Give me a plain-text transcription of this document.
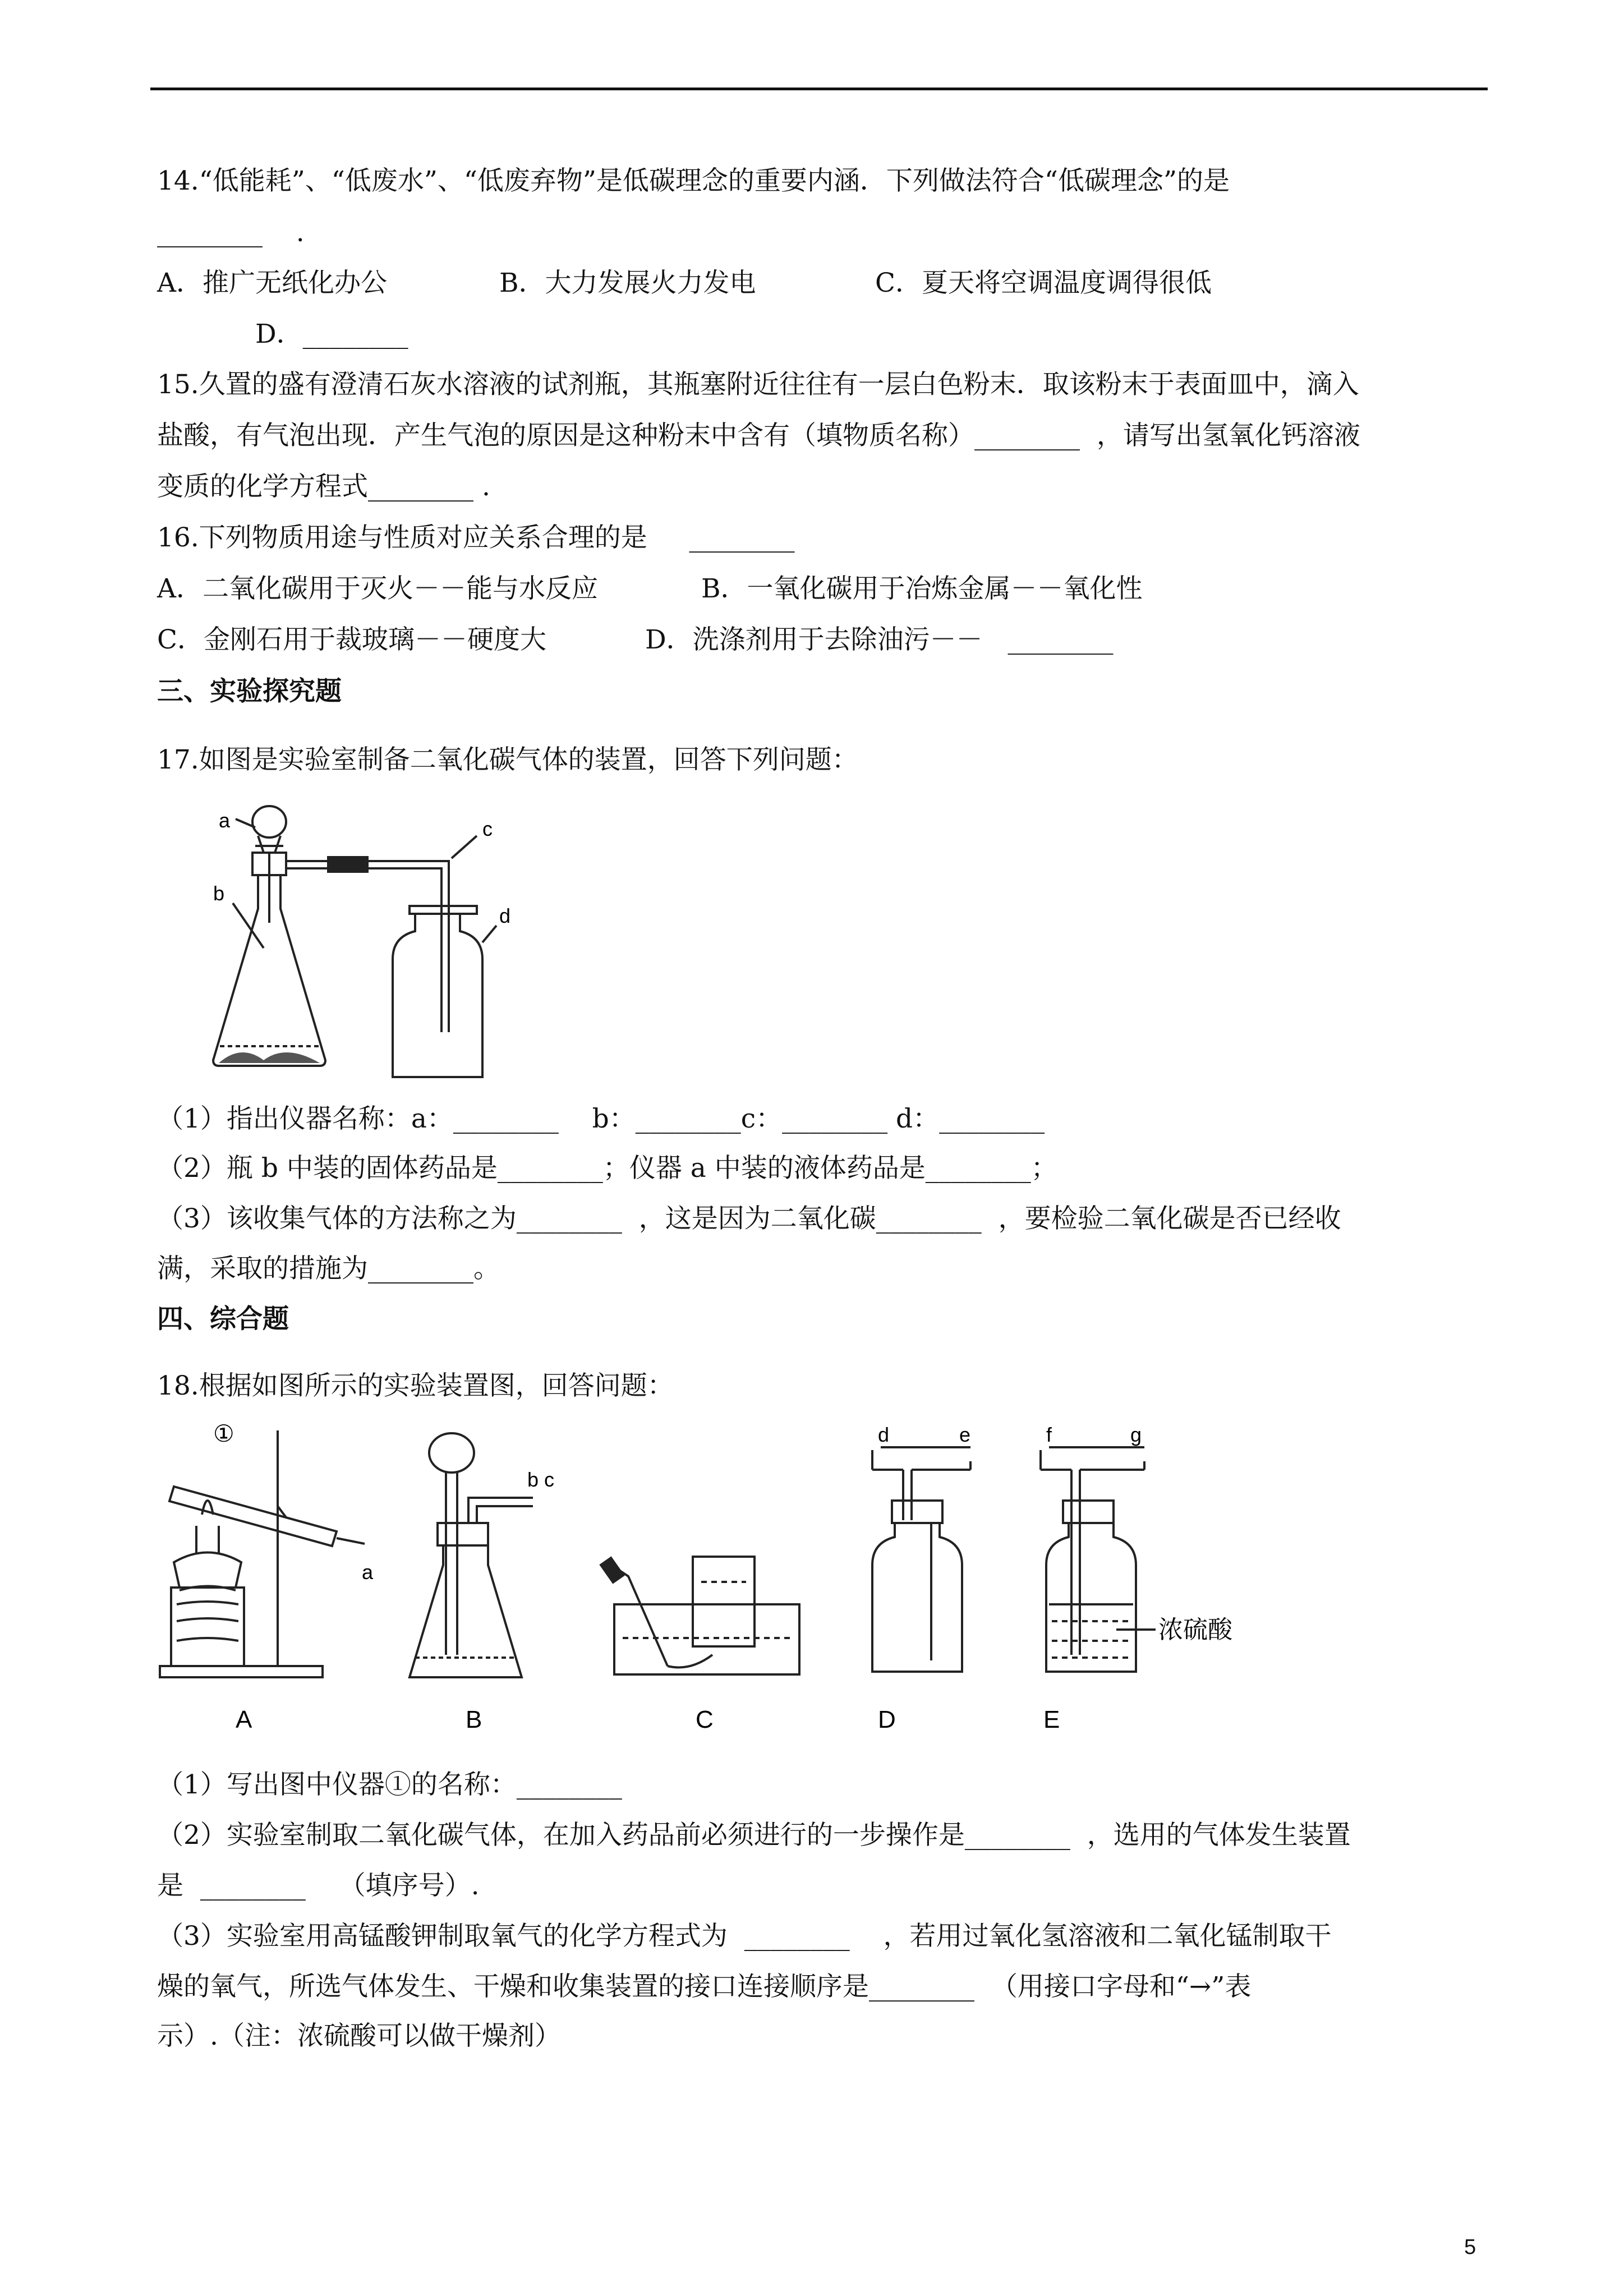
14.“低能耗”、“低废水”、“低废弃物”是低碳理念的重要内涵．下列做法符合“低碳理念”的是
________    .
A．推广无纸化办公	B．大力发展火力发电	C．夏天将空调温度调得很低
D．________
15.久置的盛有澄清石灰水溶液的试剂瓶，其瓶塞附近往往有一层白色粉末．取该粉末于表面皿中，滴入
盐酸，有气泡出现．产生气泡的原因是这种粉末中含有（填物质名称）________  ，请写出氢氧化钙溶液
变质的化学方程式________ .
16.下列物质用途与性质对应关系合理的是     ________
A．二氧化碳用于灭火－－能与水反应	B．一氧化碳用于冶炼金属－－氧化性
C．金刚石用于裁玻璃－－硬度大	D．洗涤剂用于去除油污－－   ________
三、实验探究题
17.如图是实验室制备二氧化碳气体的装置，回答下列问题：
a
b
c
d
（1）指出仪器名称：a：________    b：________c：________ d：________
（2）瓶 b 中装的固体药品是________；仪器 a 中装的液体药品是________；
（3）该收集气体的方法称之为________  ，这是因为二氧化碳________  ，要检验二氧化碳是否已经收
满，采取的措施为________。
四、综合题
18.根据如图所示的实验装置图，回答问题：
①
a
b c
d	e	f	g
浓硫酸
A	B	C	D	E
（1）写出图中仪器①的名称：________
（2）实验室制取二氧化碳气体，在加入药品前必须进行的一步操作是________  ，选用的气体发生装置
是  ________    （填序号）.
（3）实验室用高锰酸钾制取氧气的化学方程式为  ________    ，若用过氧化氢溶液和二氧化锰制取干
燥的氧气，所选气体发生、干燥和收集装置的接口连接顺序是________  （用接口字母和“→”表
示）.（注：浓硫酸可以做干燥剂）
5
